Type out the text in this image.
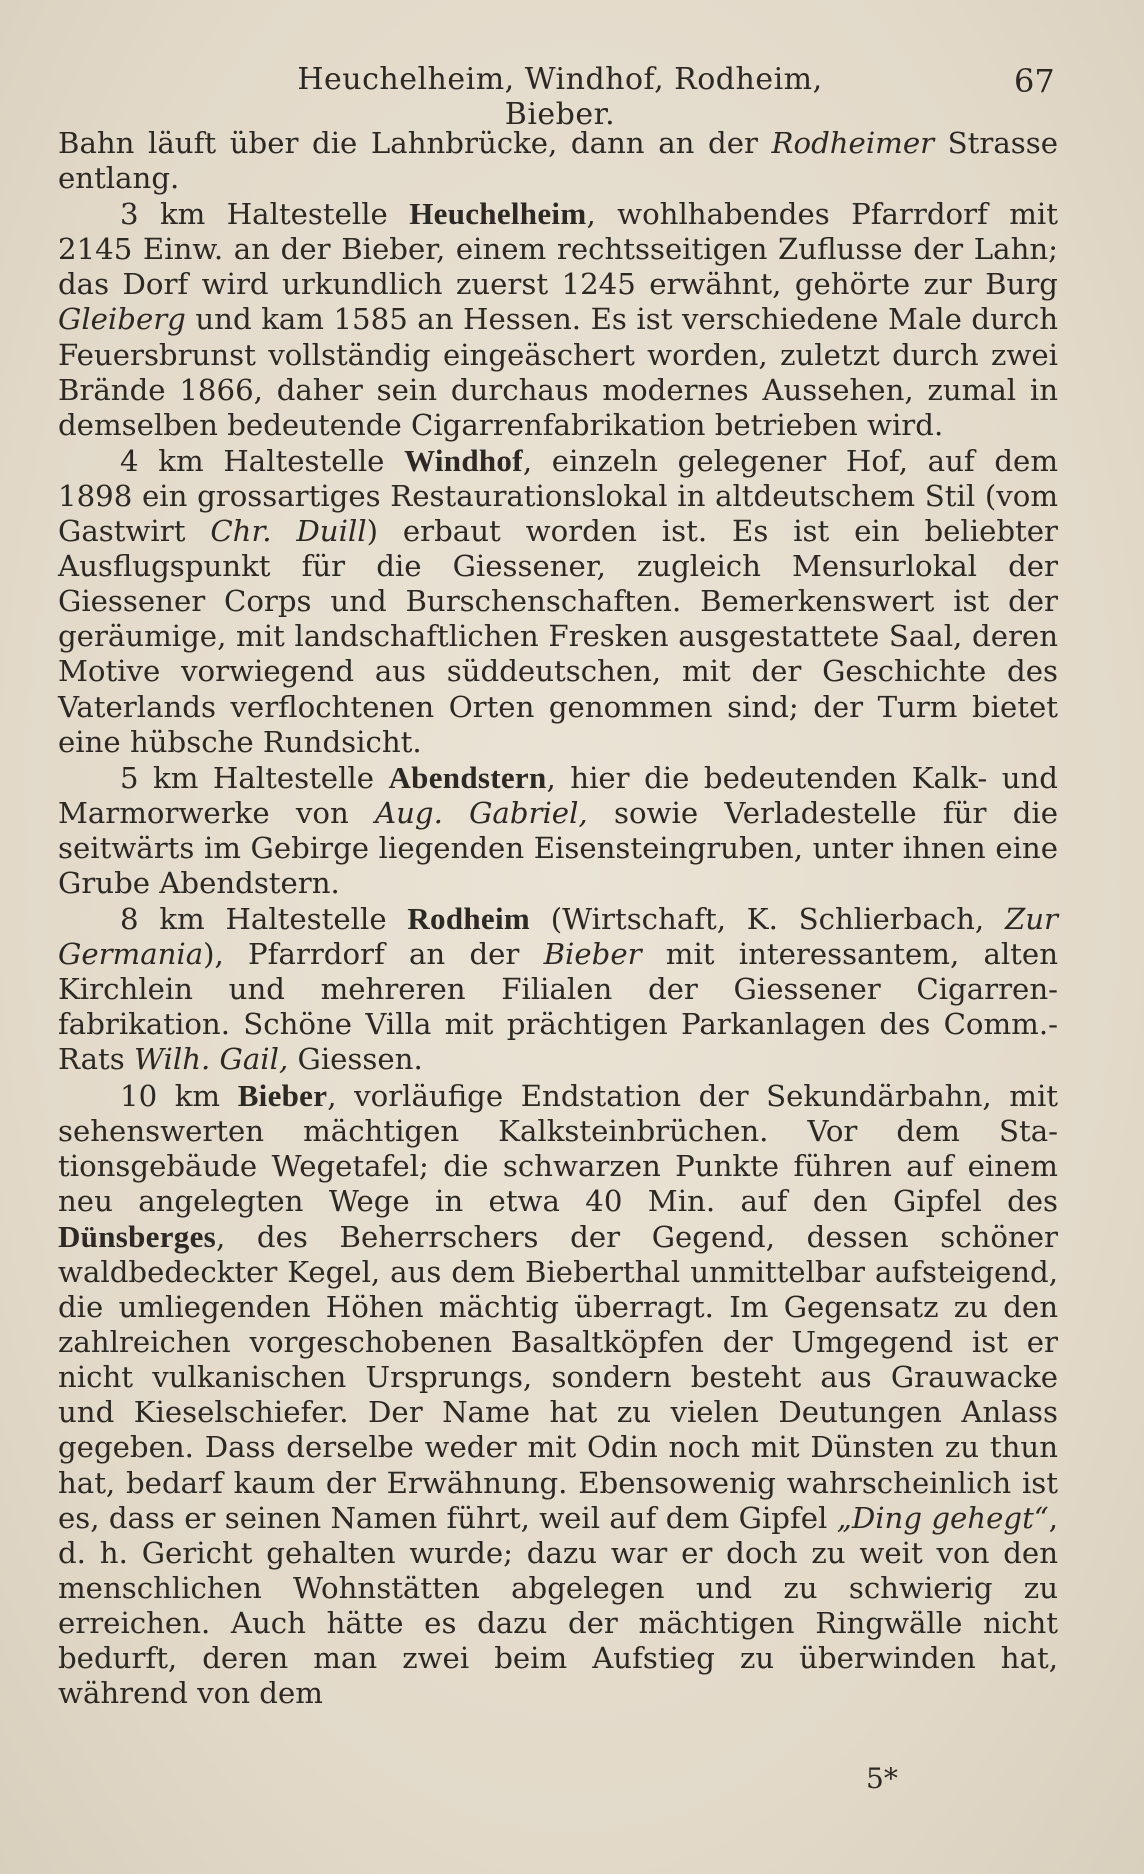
Heuchelheim, Windhof, Rodheim, Bieber.
67

Bahn läuft über die Lahnbrücke, dann an der Rodheimer Strasse entlang.

3 km Haltestelle Heuchelheim, wohlhabendes Pfarrdorf mit 2145 Einw. an der Bieber, einem rechtsseitigen Zuflusse der Lahn; das Dorf wird urkundlich zuerst 1245 erwähnt, gehörte zur Burg Gleiberg und kam 1585 an Hessen. Es ist verschiedene Male durch Feuersbrunst vollständig eingeäschert worden, zuletzt durch zwei Brände 1866, daher sein durchaus modernes Aussehen, zumal in demselben bedeutende Cigarrenfabrikation betrieben wird.

4 km Haltestelle Windhof, einzeln gelegener Hof, auf dem 1898 ein grossartiges Restaurationslokal in altdeutschem Stil (vom Gastwirt Chr. Duill) erbaut worden ist. Es ist ein beliebter Ausflugspunkt für die Giessener, zugleich Mensurlokal der Giessener Corps und Burschenschaften. Bemerkenswert ist der geräumige, mit landschaftlichen Fresken ausgestattete Saal, deren Motive vorwiegend aus süddeutschen, mit der Geschichte des Vaterlands verflochtenen Orten genommen sind; der Turm bietet eine hübsche Rundsicht.

5 km Haltestelle Abendstern, hier die bedeutenden Kalk- und Marmorwerke von Aug. Gabriel, sowie Verladestelle für die seitwärts im Gebirge liegenden Eisensteingruben, unter ihnen eine Grube Abendstern.

8 km Haltestelle Rodheim (Wirtschaft, K. Schlierbach, Zur Germania), Pfarrdorf an der Bieber mit interessantem, alten Kirchlein und mehreren Filialen der Giessener Cigarrenfabrikation. Schöne Villa mit prächtigen Parkanlagen des Comm.-Rats Wilh. Gail, Giessen.

10 km Bieber, vorläufige Endstation der Sekundärbahn, mit sehenswerten mächtigen Kalksteinbrüchen. Vor dem Stationsgebäude Wegetafel; die schwarzen Punkte führen auf einem neu angelegten Wege in etwa 40 Min. auf den Gipfel des Dünsberges, des Beherrschers der Gegend, dessen schöner waldbedeckter Kegel, aus dem Bieberthal unmittelbar aufsteigend, die umliegenden Höhen mächtig überragt. Im Gegensatz zu den zahlreichen vorgeschobenen Basaltköpfen der Umgegend ist er nicht vulkanischen Ursprungs, sondern besteht aus Grauwacke und Kieselschiefer. Der Name hat zu vielen Deutungen Anlass gegeben. Dass derselbe weder mit Odin noch mit Dünsten zu thun hat, bedarf kaum der Erwähnung. Ebensowenig wahrscheinlich ist es, dass er seinen Namen führt, weil auf dem Gipfel „Ding gehegt“, d. h. Gericht gehalten wurde; dazu war er doch zu weit von den menschlichen Wohnstätten abgelegen und zu schwierig zu erreichen. Auch hätte es dazu der mächtigen Ringwälle nicht bedurft, deren man zwei beim Aufstieg zu überwinden hat, während von dem

5*
